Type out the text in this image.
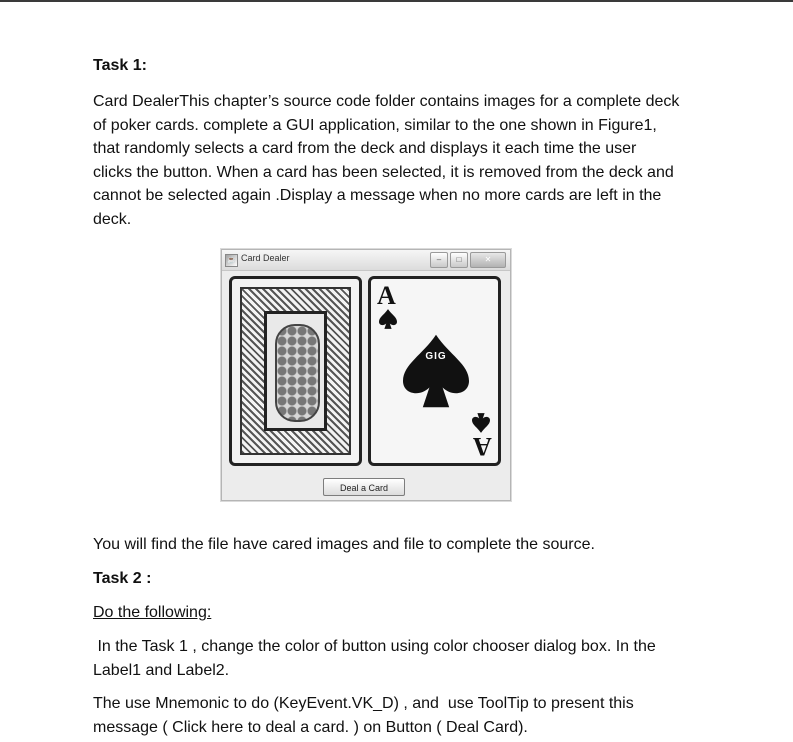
Task 1:
Card DealerThis chapter’s source code folder contains images for a complete deck
of poker cards. complete a GUI application, similar to the one shown in Figure1,
that randomly selects a card from the deck and displays it each time the user
clicks the button. When a card has been selected, it is removed from the deck and
cannot be selected again .Display a message when no more cards are left in the
deck.
☕ Card Dealer	–	□	✕
A
GIG
A
Deal a Card
You will find the file have cared images and file to complete the source.
Task 2 :
Do the following:
In the Task 1 , change the color of button using color chooser dialog box. In the
Label1 and Label2.
The use Mnemonic to do (KeyEvent.VK_D) , and  use ToolTip to present this
message ( Click here to deal a card. ) on Button ( Deal Card).
